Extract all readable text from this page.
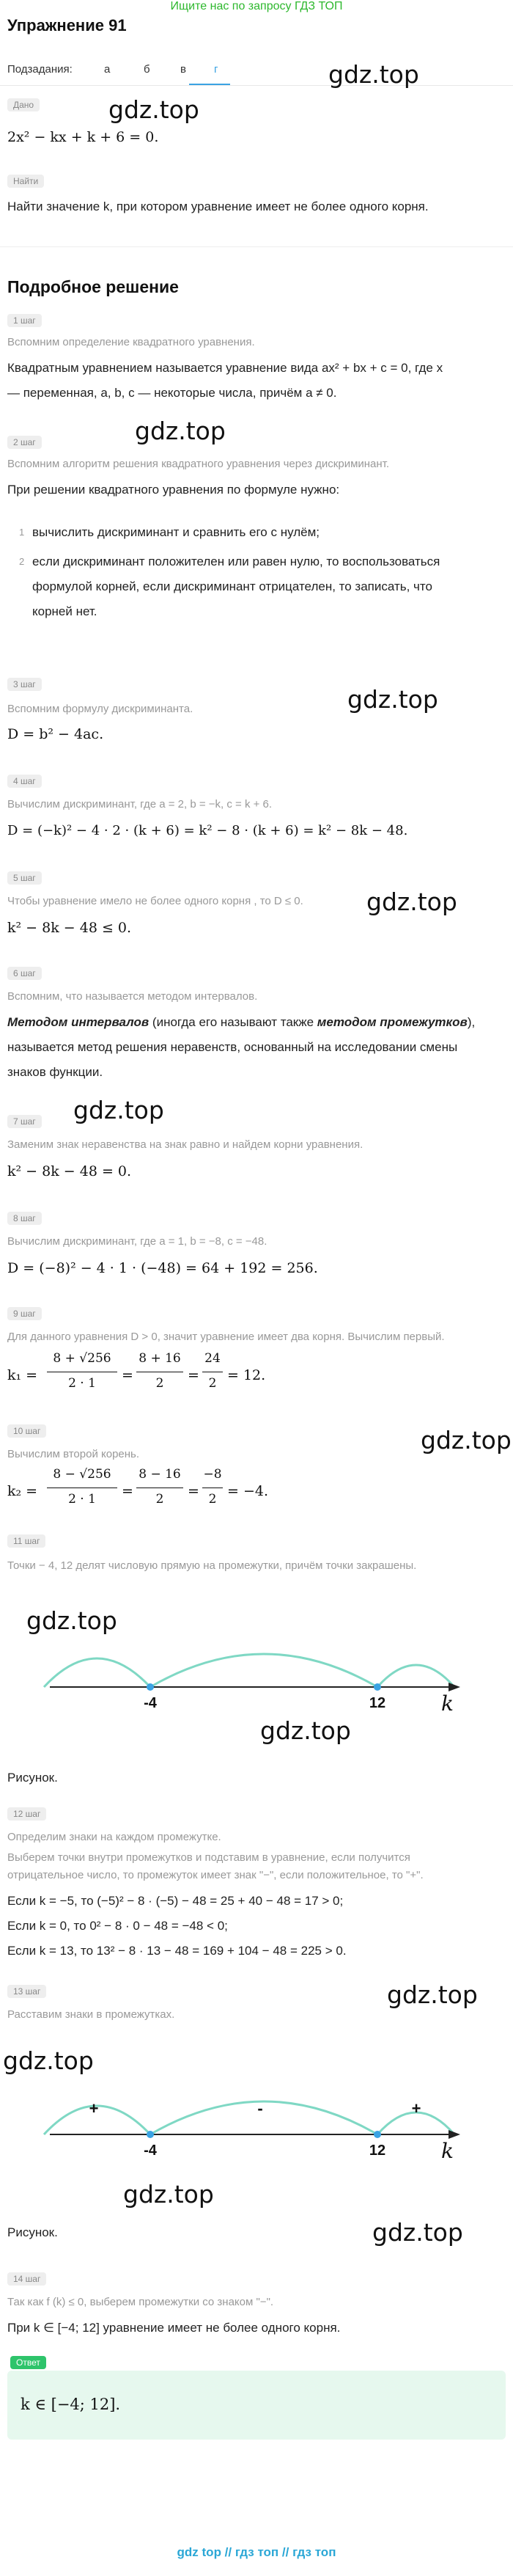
Ищите нас по запросу ГДЗ ТОП
Упражнение 91
Подзадания:	а	б	в	г	gdz.top
Дано	gdz.top
2x² − kx + k + 6 = 0.
Найти
Найти значение k, при котором уравнение имеет не более одного корня.
Подробное решение
1 шаг
Вспомним определение квадратного уравнения.
Квадратным уравнением называется уравнение вида ax² + bx + c = 0, где x
— переменная, a, b, c — некоторые числа, причём a ≠ 0.
gdz.top
2 шаг
Вспомним алгоритм решения квадратного уравнения через дискриминант.
При решении квадратного уравнения по формуле нужно:
1 вычислить дискриминант и сравнить его с нулём;
2 если дискриминант положителен или равен нулю, то воспользоваться
формулой корней, если дискриминант отрицателен, то записать, что
корней нет.
gdz.top
3 шаг
Вспомним формулу дискриминанта.
D = b² − 4ac.
4 шаг
Вычислим дискриминант, где a = 2, b = −k, c = k + 6.
D = (−k)² − 4 · 2 · (k + 6) = k² − 8 · (k + 6) = k² − 8k − 48.
5 шаг
Чтобы уравнение имело не более одного корня , то D ≤ 0.	gdz.top
k² − 8k − 48 ≤ 0.
6 шаг
Вспомним, что называется методом интервалов.
Методом интервалов (иногда его называют также методом промежутков),
называется метод решения неравенств, основанный на исследовании смены
знаков функции.
gdz.top
7 шаг
Заменим знак неравенства на знак равно и найдем корни уравнения.
k² − 8k − 48 = 0.
8 шаг
Вычислим дискриминант, где a = 1, b = −8, c = −48.
D = (−8)² − 4 · 1 · (−48) = 64 + 192 = 256.
9 шаг
Для данного уравнения D > 0, значит уравнение имеет два корня. Вычислим первый.
k₁ =
8 + √256
2 · 1	=
8 + 16
2	=
24
2 = 12.
gdz.top
10 шаг
Вычислим второй корень.
k₂ =
8 − √256
2 · 1	=
8 − 16
2	=
−8
2 = −4.
11 шаг
Точки − 4, 12 делят числовую прямую на промежутки, причём точки закрашены.
gdz.top
-4	12	k
gdz.top
Рисунок.
12 шаг
Определим знаки на каждом промежутке.
Выберем точки внутри промежутков и подставим в уравнение, если получится
отрицательное число, то промежуток имеет знак "−", если положительное, то "+".
Если k = −5, то (−5)² − 8 · (−5) − 48 = 25 + 40 − 48 = 17 > 0;
Если k = 0, то 0² − 8 · 0 − 48 = −48 < 0;
Если k = 13, то 13² − 8 · 13 − 48 = 169 + 104 − 48 = 225 > 0.
13 шаг	gdz.top
Расставим знаки в промежутках.
gdz.top
+	-	+
-4	12	k
gdz.top
Рисунок.	gdz.top
14 шаг
Так как f (k) ≤ 0, выберем промежутки со знаком "−".
При k ∈ [−4; 12] уравнение имеет не более одного корня.
Ответ
k ∈ [−4; 12].
gdz top // гдз топ // гдз топ
